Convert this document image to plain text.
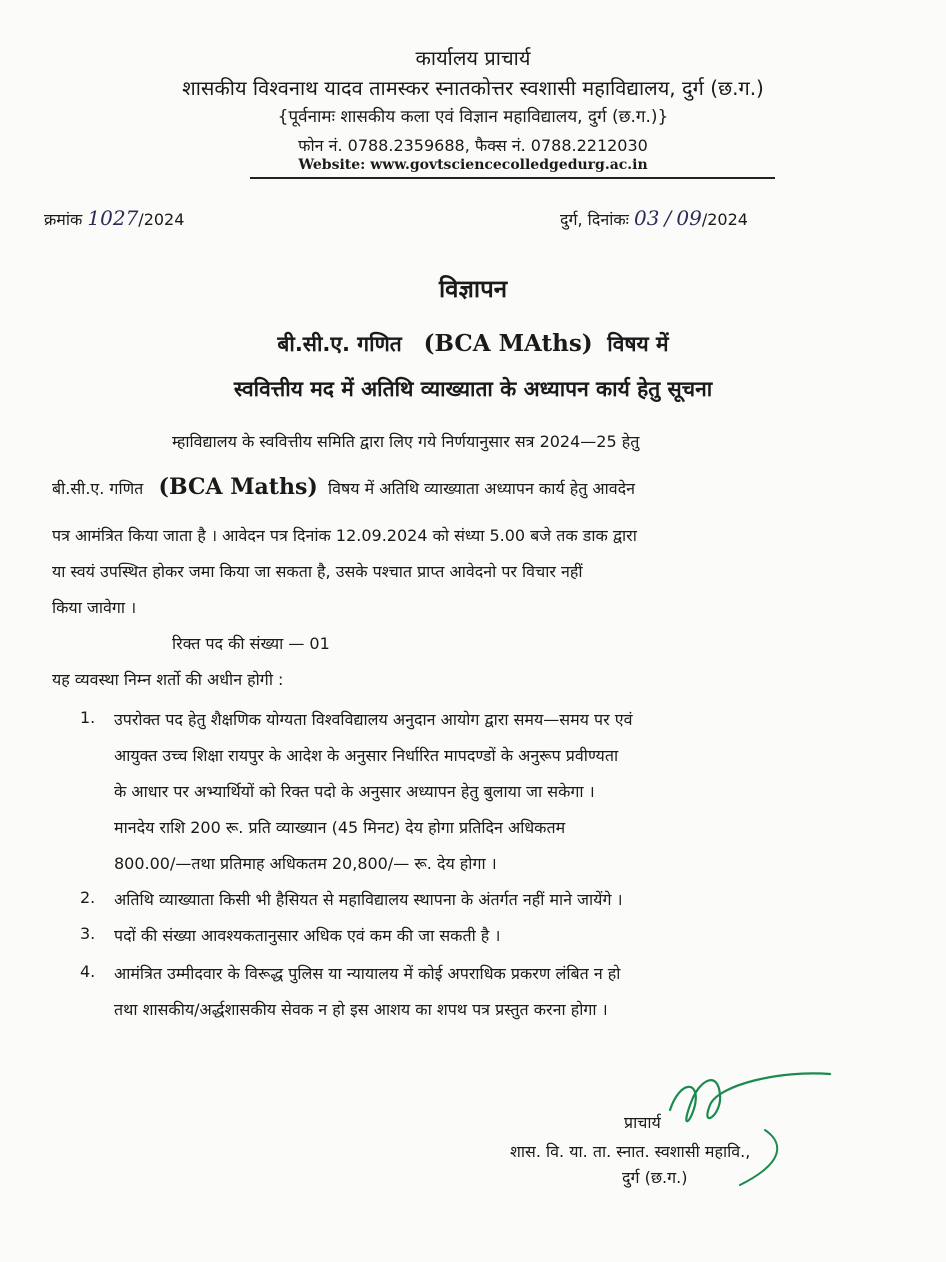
कार्यालय प्राचार्य
शासकीय विश्वनाथ यादव तामस्कर स्नातकोत्तर स्वशासी महाविद्यालय, दुर्ग (छ.ग.)
{पूर्वनामः शासकीय कला एवं विज्ञान महाविद्यालय, दुर्ग (छ.ग.)}
फोन नं. 0788.2359688, फैक्स नं. 0788.2212030
Website: www.govtsciencecolledgedurg.ac.in
क्रमांक 1027/2024	दुर्ग, दिनांकः 03 / 09/2024
विज्ञापन
बी.सी.ए. गणित (BCA MAths) विषय में
स्ववित्तीय मद में अतिथि व्याख्याता के अध्यापन कार्य हेतु सूचना
म्हाविद्यालय के स्ववित्तीय समिति द्वारा लिए गये निर्णयानुसार सत्र 2024—25 हेतु
बी.सी.ए. गणित (BCA Maths) विषय में अतिथि व्याख्याता अध्यापन कार्य हेतु आवदेन
पत्र आमंत्रित किया जाता है । आवेदन पत्र दिनांक 12.09.2024 को संध्या 5.00 बजे तक डाक द्वारा
या स्वयं उपस्थित होकर जमा किया जा सकता है, उसके पश्चात प्राप्त आवेदनो पर विचार नहीं
किया जावेगा ।
रिक्त पद की संख्या — 01
यह व्यवस्था निम्न शर्तो की अधीन होगी :
1. उपरोक्त पद हेतु शैक्षणिक योग्यता विश्वविद्यालय अनुदान आयोग द्वारा समय—समय पर एवं
आयुक्त उच्च शिक्षा रायपुर के आदेश के अनुसार निर्धारित मापदण्डों के अनुरूप प्रवीण्यता
के आधार पर अभ्यार्थियों को रिक्त पदो के अनुसार अध्यापन हेतु बुलाया जा सकेगा ।
मानदेय राशि 200 रू. प्रति व्याख्यान (45 मिनट) देय होगा प्रतिदिन अधिकतम
800.00/—तथा प्रतिमाह अधिकतम 20,800/— रू. देय होगा ।
2. अतिथि व्याख्याता किसी भी हैसियत से महाविद्यालय स्थापना के अंतर्गत नहीं माने जायेंगे ।
3. पदों की संख्या आवश्यकतानुसार अधिक एवं कम की जा सकती है ।
4. आमंत्रित उम्मीदवार के विरूद्ध पुलिस या न्यायालय में कोई अपराधिक प्रकरण लंबित न हो
तथा शासकीय/अर्द्धशासकीय सेवक न हो इस आशय का शपथ पत्र प्रस्तुत करना होगा ।
प्राचार्य
शास. वि. या. ता. स्नात. स्वशासी महावि.,
दुर्ग (छ.ग.)
